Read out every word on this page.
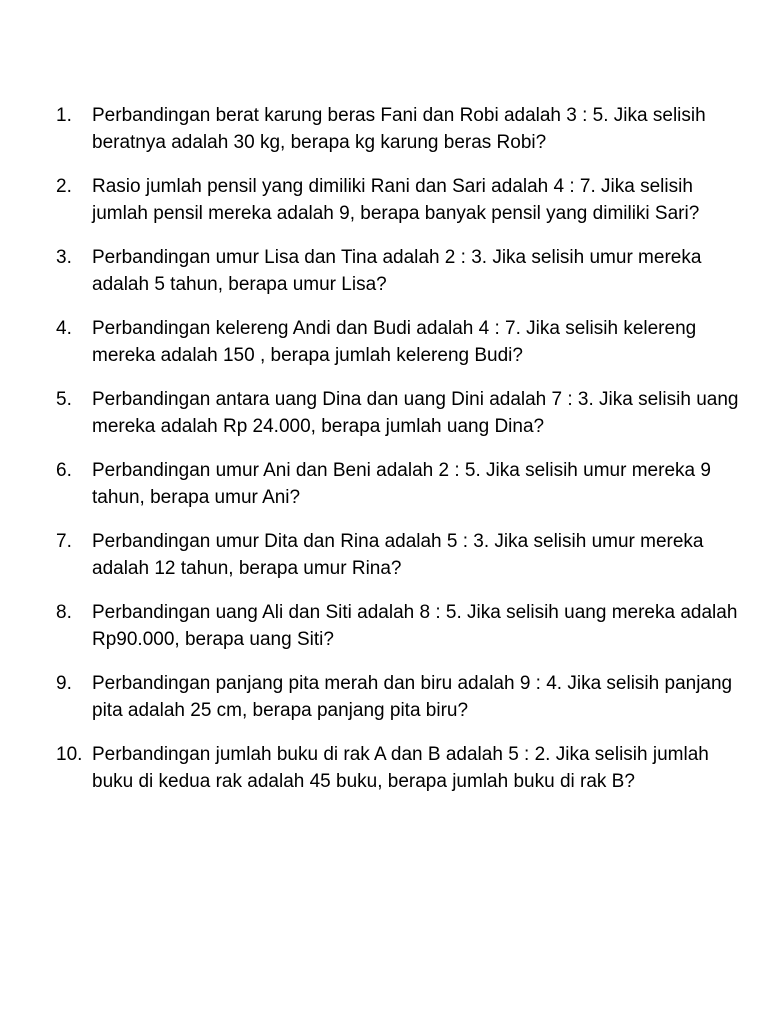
1.	Perbandingan berat karung beras Fani dan Robi adalah 3 : 5. Jika selisih beratnya adalah 30 kg, berapa kg karung beras Robi?
2.	Rasio jumlah pensil yang dimiliki Rani dan Sari adalah 4 : 7. Jika selisih jumlah pensil mereka adalah 9, berapa banyak pensil yang dimiliki Sari?
3.	Perbandingan umur Lisa dan Tina adalah 2 : 3. Jika selisih umur mereka adalah 5 tahun, berapa umur Lisa?
4.	Perbandingan kelereng Andi dan Budi adalah 4 : 7. Jika selisih kelereng mereka adalah 150 , berapa jumlah kelereng Budi?
5.	Perbandingan antara uang Dina dan uang Dini adalah 7 : 3. Jika selisih uang mereka adalah Rp 24.000, berapa jumlah uang Dina?
6.	Perbandingan umur Ani dan Beni adalah 2 : 5. Jika selisih umur mereka 9 tahun, berapa umur Ani?
7.	Perbandingan umur Dita dan Rina adalah 5 : 3. Jika selisih umur mereka adalah 12 tahun, berapa umur Rina?
8.	Perbandingan uang Ali dan Siti adalah 8 : 5. Jika selisih uang mereka adalah Rp90.000, berapa uang Siti?
9.	Perbandingan panjang pita merah dan biru adalah 9 : 4. Jika selisih panjang pita adalah 25 cm, berapa panjang pita biru?
10. Perbandingan jumlah buku di rak A dan B adalah 5 : 2. Jika selisih jumlah buku di kedua rak adalah 45 buku, berapa jumlah buku di rak B?
